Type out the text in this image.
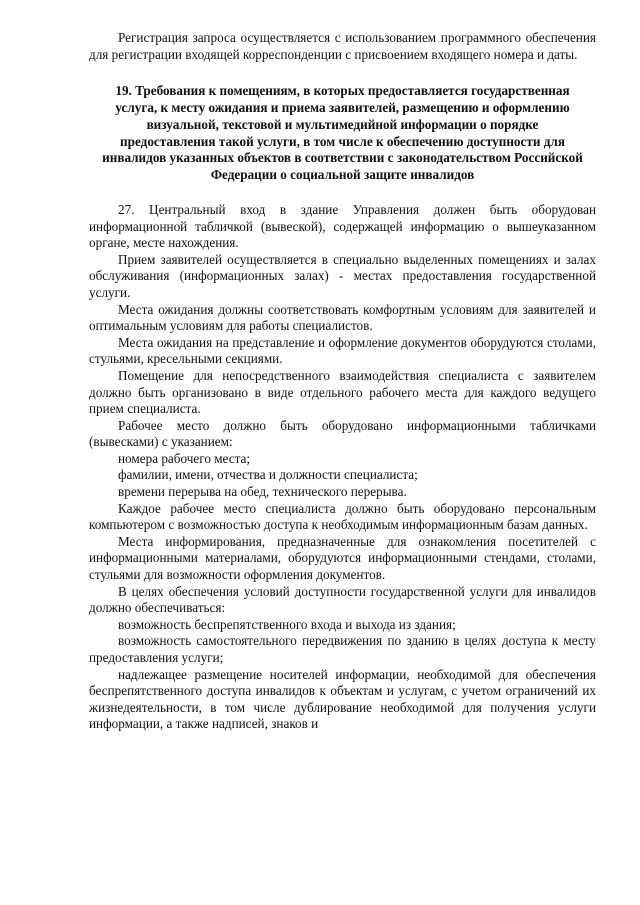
Регистрация запроса осуществляется с использованием программного обеспечения для регистрации входящей корреспонденции с присвоением входящего номера и даты.

19. Требования к помещениям, в которых предоставляется государственная услуга, к месту ожидания и приема заявителей, размещению и оформлению визуальной, текстовой и мультимедийной информации о порядке предоставления такой услуги, в том числе к обеспечению доступности для инвалидов указанных объектов в соответствии с законодательством Российской Федерации о социальной защите инвалидов

27. Центральный вход в здание Управления должен быть оборудован информационной табличкой (вывеской), содержащей информацию о вышеуказанном органе, месте нахождения.

Прием заявителей осуществляется в специально выделенных помещениях и залах обслуживания (информационных залах) - местах предоставления государственной услуги.

Места ожидания должны соответствовать комфортным условиям для заявителей и оптимальным условиям для работы специалистов.

Места ожидания на представление и оформление документов оборудуются столами, стульями, кресельными секциями.

Помещение для непосредственного взаимодействия специалиста с заявителем должно быть организовано в виде отдельного рабочего места для каждого ведущего прием специалиста.

Рабочее место должно быть оборудовано информационными табличками (вывесками) с указанием:

номера рабочего места;

фамилии, имени, отчества и должности специалиста;

времени перерыва на обед, технического перерыва.

Каждое рабочее место специалиста должно быть оборудовано персональным компьютером с возможностью доступа к необходимым информационным базам данных.

Места информирования, предназначенные для ознакомления посетителей с информационными материалами, оборудуются информационными стендами, столами, стульями для возможности оформления документов.

В целях обеспечения условий доступности государственной услуги для инвалидов должно обеспечиваться:

возможность беспрепятственного входа и выхода из здания;

возможность самостоятельного передвижения по зданию в целях доступа к месту предоставления услуги;

надлежащее размещение носителей информации, необходимой для обеспечения беспрепятственного доступа инвалидов к объектам и услугам, с учетом ограничений их жизнедеятельности, в том числе дублирование необходимой для получения услуги информации, а также надписей, знаков и
